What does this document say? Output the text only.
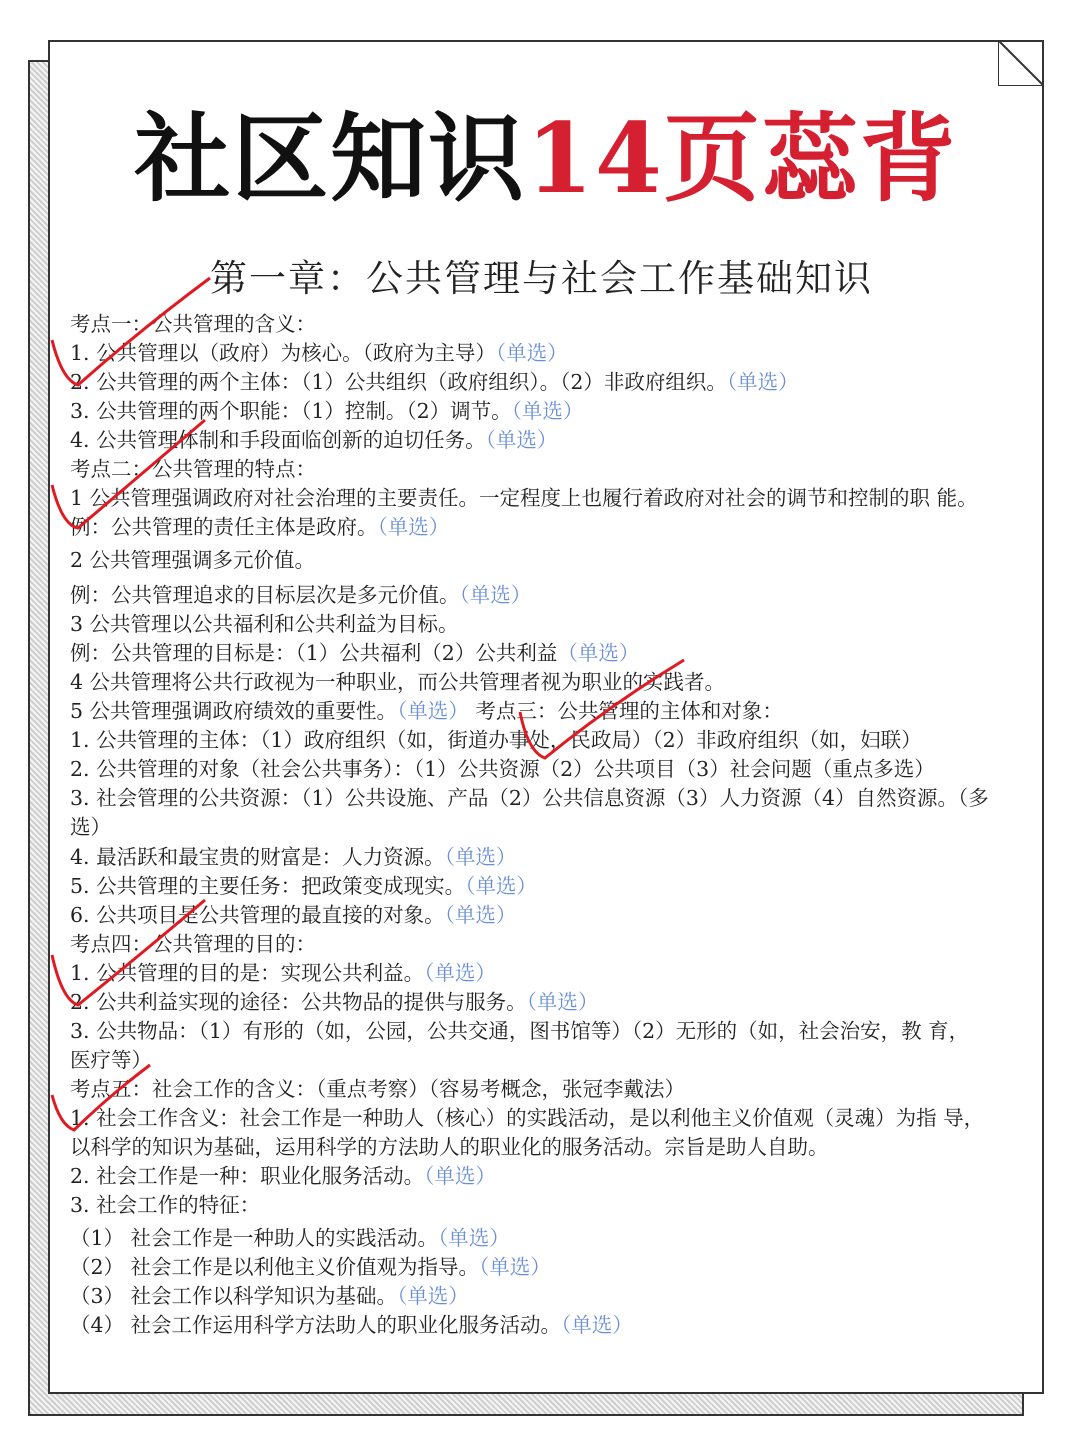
社区知识14页蕊背
第一章：公共管理与社会工作基础知识
考点一：公共管理的含义：
1. 公共管理以（政府）为核心。（政府为主导）（单选）
2. 公共管理的两个主体：（1）公共组织（政府组织）。（2）非政府组织。（单选）
3. 公共管理的两个职能：（1）控制。（2）调节。（单选）
4. 公共管理体制和手段面临创新的迫切任务。（单选）
考点二：公共管理的特点：
1 公共管理强调政府对社会治理的主要责任。一定程度上也履行着政府对社会的调节和控制的职 能。
例：公共管理的责任主体是政府。（单选）
2 公共管理强调多元价值。
例：公共管理追求的目标层次是多元价值。（单选）
3 公共管理以公共福利和公共利益为目标。
例：公共管理的目标是：（1）公共福利（2）公共利益（单选）
4 公共管理将公共行政视为一种职业，而公共管理者视为职业的实践者。
5 公共管理强调政府绩效的重要性。（单选） 考点三：公共管理的主体和对象：
1. 公共管理的主体：（1）政府组织（如，街道办事处，民政局）（2）非政府组织（如，妇联）
2. 公共管理的对象（社会公共事务）：（1）公共资源（2）公共项目（3）社会问题（重点多选）
3. 社会管理的公共资源：（1）公共设施、产品（2）公共信息资源（3）人力资源（4）自然资源。（多
选）
4. 最活跃和最宝贵的财富是：人力资源。（单选）
5. 公共管理的主要任务：把政策变成现实。（单选）
6. 公共项目是公共管理的最直接的对象。（单选）
考点四：公共管理的目的：
1. 公共管理的目的是：实现公共利益。（单选）
2. 公共利益实现的途径：公共物品的提供与服务。（单选）
3. 公共物品：（1）有形的（如，公园，公共交通，图书馆等）（2）无形的（如，社会治安，教 育，
医疗等）
考点五：社会工作的含义：（重点考察）（容易考概念，张冠李戴法）
1. 社会工作含义：社会工作是一种助人（核心）的实践活动，是以利他主义价值观（灵魂）为指 导，
以科学的知识为基础，运用科学的方法助人的职业化的服务活动。宗旨是助人自助。
2. 社会工作是一种：职业化服务活动。（单选）
3. 社会工作的特征：
（1） 社会工作是一种助人的实践活动。（单选）
（2） 社会工作是以利他主义价值观为指导。（单选）
（3） 社会工作以科学知识为基础。（单选）
（4） 社会工作运用科学方法助人的职业化服务活动。（单选）
